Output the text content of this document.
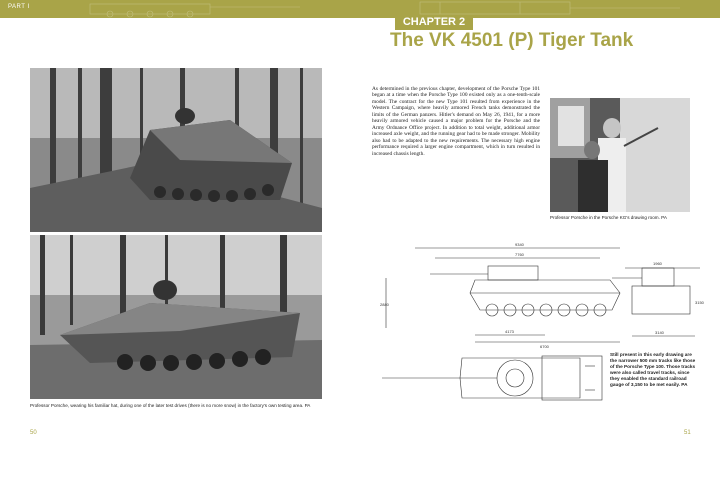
PART I
CHAPTER 2
The VK 4501 (P) Tiger Tank
Professor Porsche, wearing his familiar hat, during one of the later test drives (there is no more snow) in the factory's own testing area. PA
As determined in the previous chapter, development of the Porsche Type 101 began at a time when the Porsche Type 100 existed only as a one-tenth-scale model. The contract for the new Type 101 resulted from experience in the Western Campaign, where heavily armored French tanks demonstrated the limits of the German panzers. Hitler's demand on May 26, 1941, for a more heavily armored vehicle caused a major problem for the Porsche and the Army Ordnance Office project. In addition to total weight, additional armor increased axle weight, and the running gear had to be made stronger. Mobility also had to be adapted to the new requirements. The necessary high engine performance required a larger engine compartment, which in turn resulted in increased chassis length.
Professor Porsche in the Porsche KG's drawing room. PA
9340
7760
4173
6700
2880
1960
3140
3150
Still present in this early drawing are the narrower 500 mm tracks like those of the Porsche Type 100. Those tracks were also called travel tracks, since they enabled the standard railroad gauge of 3,150 to be met easily. PA
50	51
